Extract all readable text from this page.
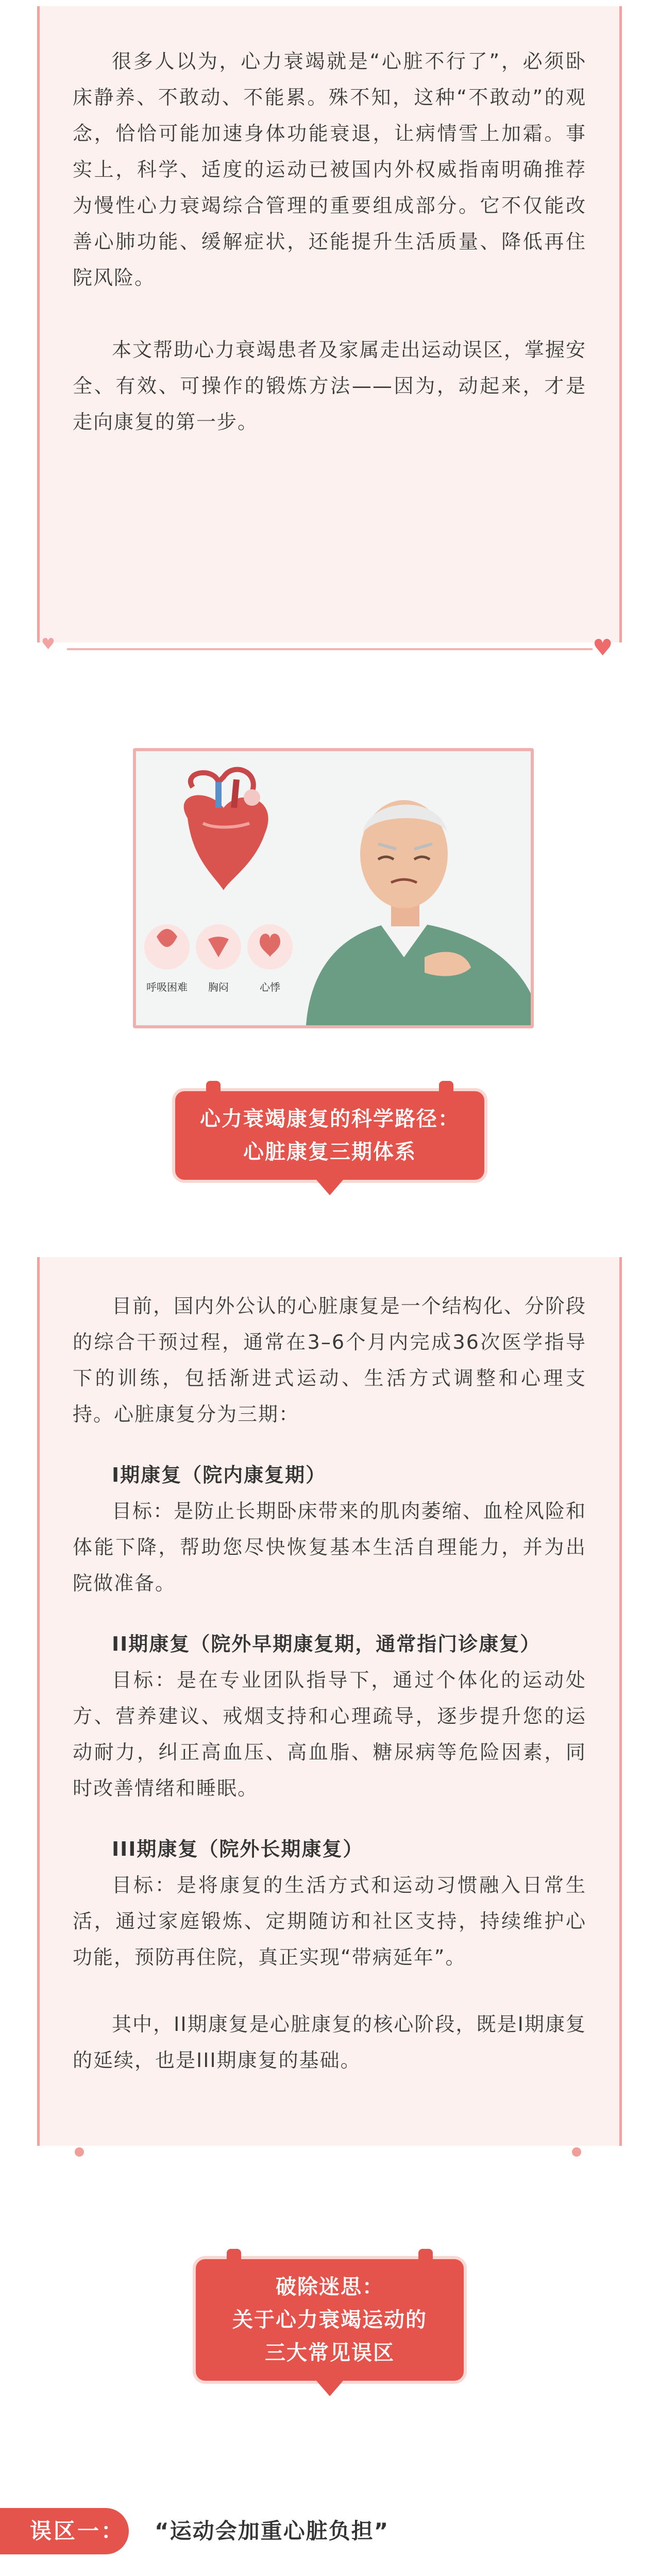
很多人以为，心力衰竭就是“心脏不行了”，必须卧床静养、不敢动、不能累。殊不知，这种“不敢动”的观念，恰恰可能加速身体功能衰退，让病情雪上加霜。事实上，科学、适度的运动已被国内外权威指南明确推荐为慢性心力衰竭综合管理的重要组成部分。它不仅能改善心肺功能、缓解症状，还能提升生活质量、降低再住院风险。

本文帮助心力衰竭患者及家属走出运动误区，掌握安全、有效、可操作的锻炼方法——因为，动起来，才是走向康复的第一步。

♥
♥
呼吸困难 胸闷	心悸
心力衰竭康复的科学路径：
心脏康复三期体系

目前，国内外公认的心脏康复是一个结构化、分阶段的综合干预过程，通常在3–6个月内完成36次医学指导下的训练，包括渐进式运动、生活方式调整和心理支持。心脏康复分为三期：

I期康复（院内康复期）

目标：是防止长期卧床带来的肌肉萎缩、血栓风险和体能下降，帮助您尽快恢复基本生活自理能力，并为出院做准备。

II期康复（院外早期康复期，通常指门诊康复）

目标：是在专业团队指导下，通过个体化的运动处方、营养建议、戒烟支持和心理疏导，逐步提升您的运动耐力，纠正高血压、高血脂、糖尿病等危险因素，同时改善情绪和睡眠。

III期康复（院外长期康复）

目标：是将康复的生活方式和运动习惯融入日常生活，通过家庭锻炼、定期随访和社区支持，持续维护心功能，预防再住院，真正实现“带病延年”。

其中，II期康复是心脏康复的核心阶段，既是I期康复的延续，也是III期康复的基础。

破除迷思：
关于心力衰竭运动的
三大常见误区
误区一： “运动会加重心脏负担”
